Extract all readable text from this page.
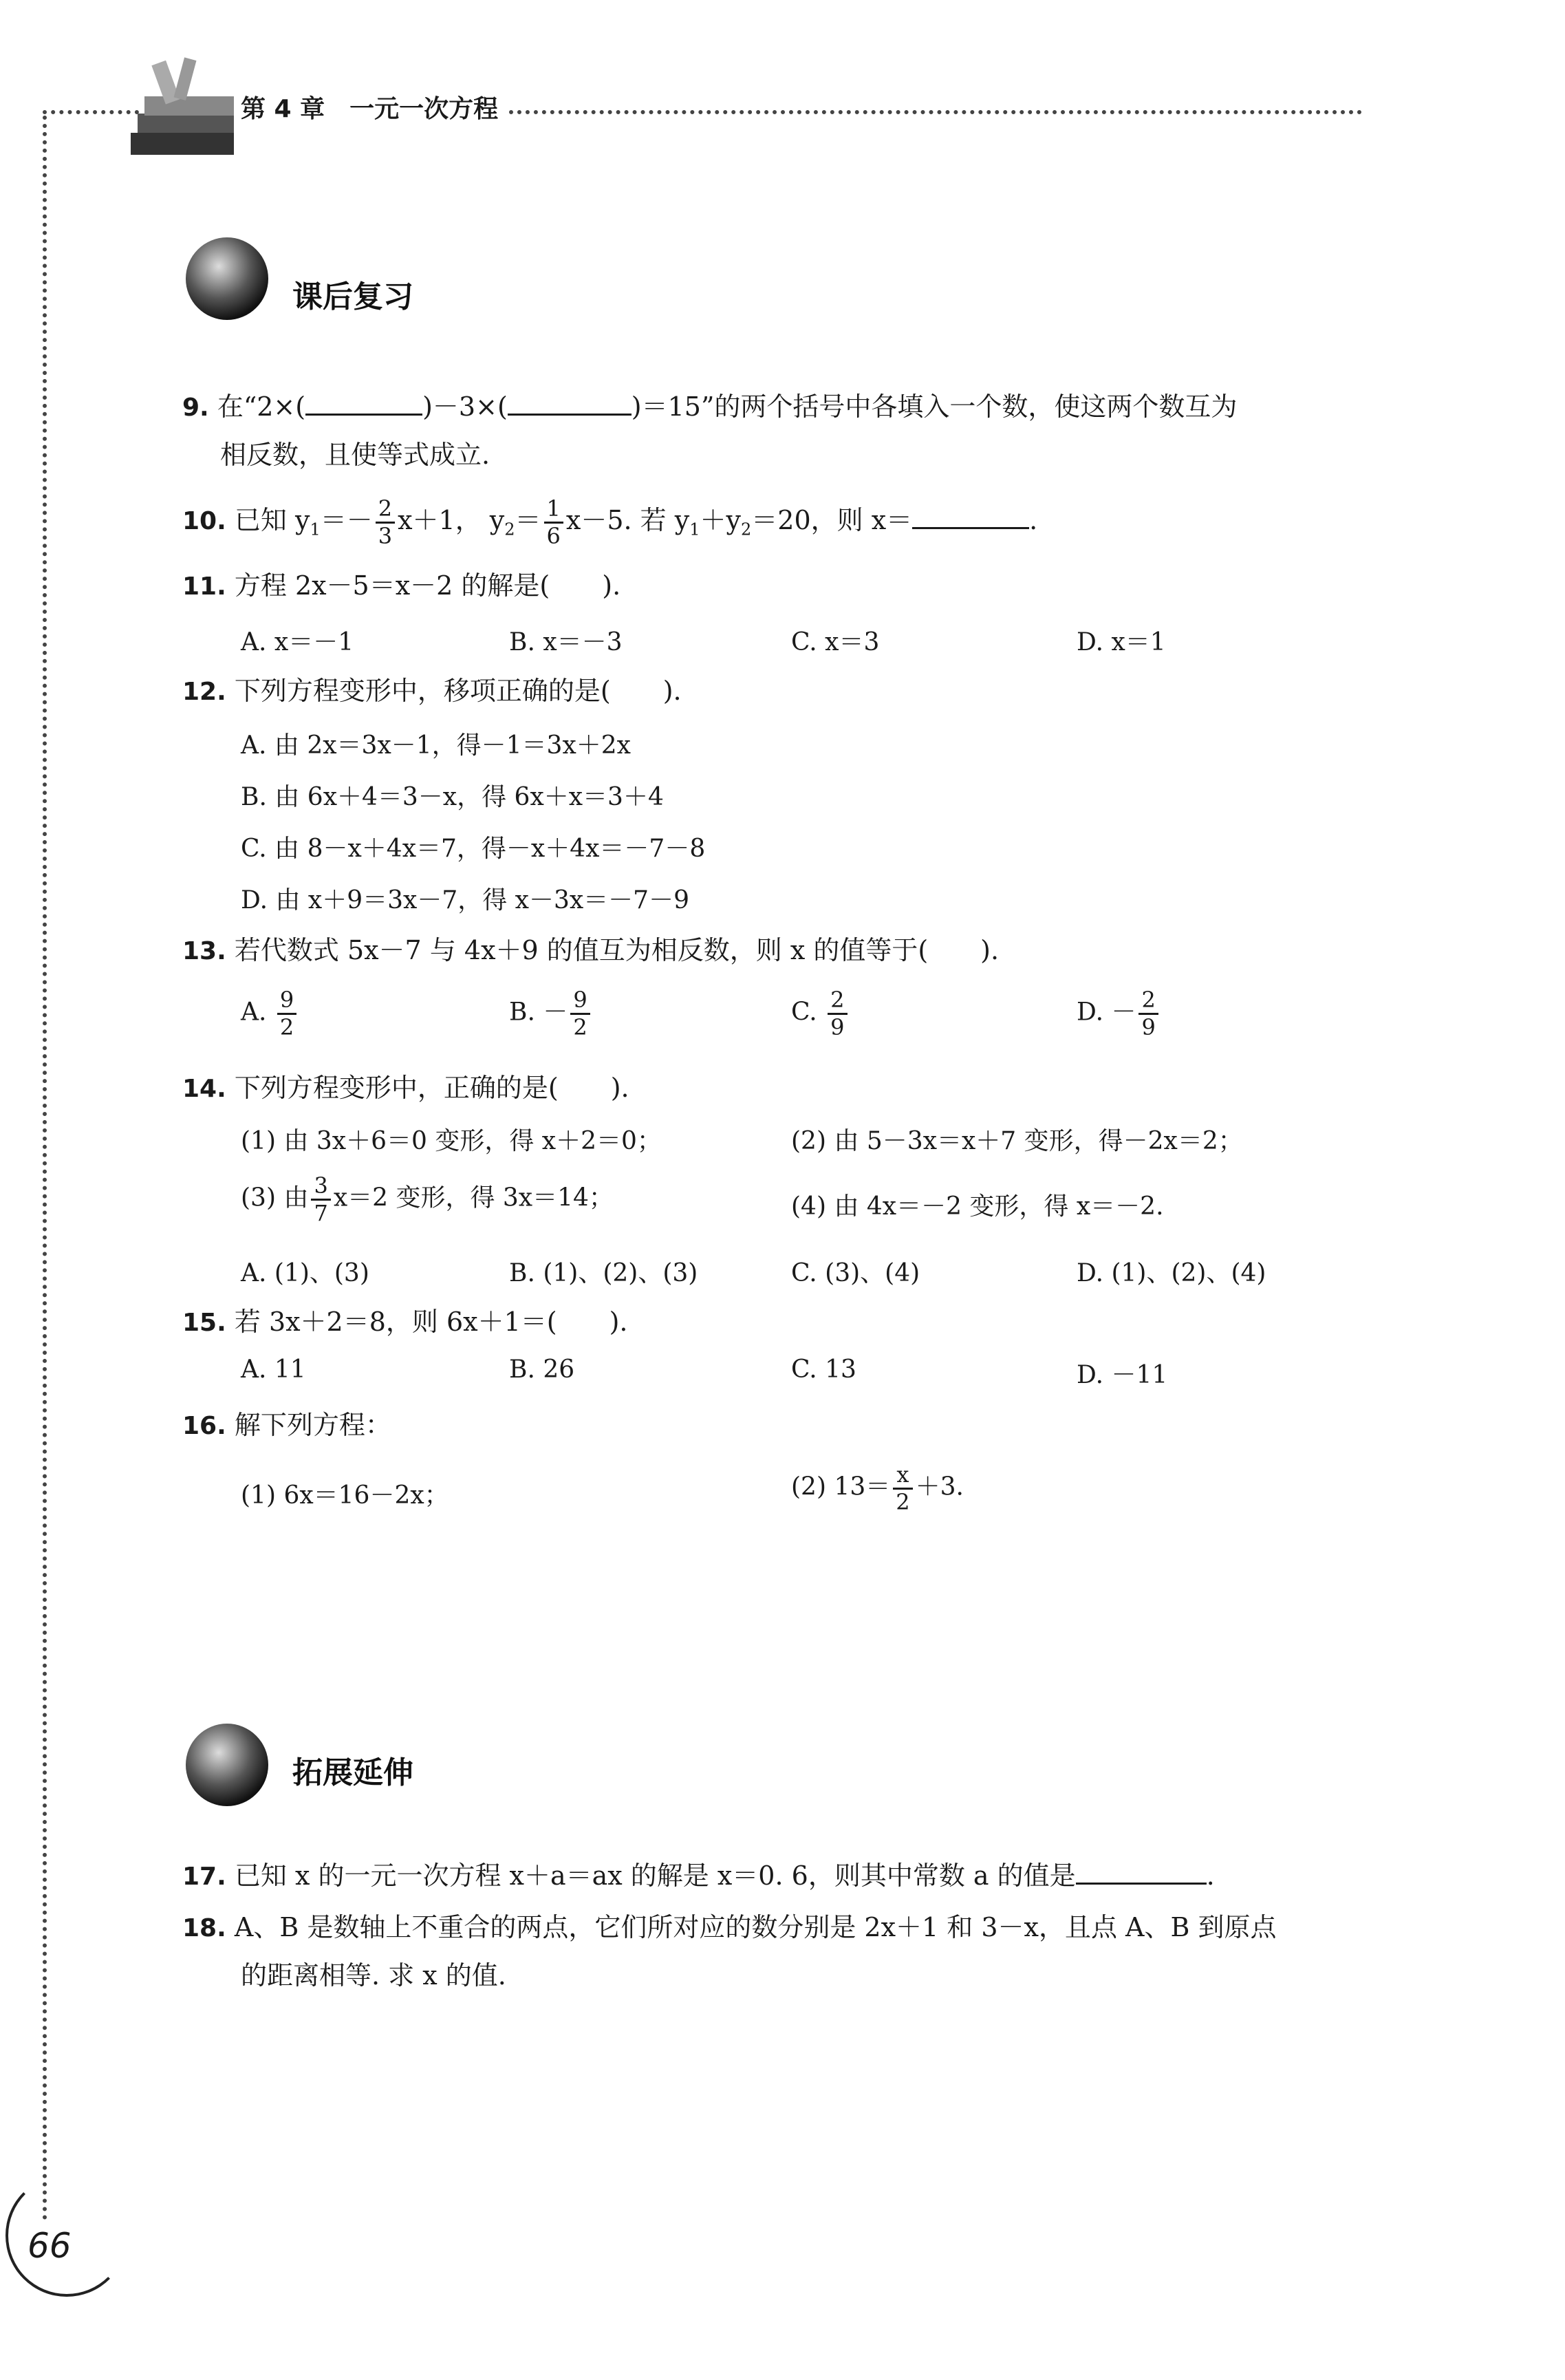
第 4 章　一元一次方程
课后复习
9. 在“2×(	)－3×(	)＝15”的两个括号中各填入一个数，使这两个数互为
相反数，且使等式成立.
10. 已知 $y_1=- \frac{2}{3} x+1$， $y_2= \frac{1}{6} x-5$. 若 $y_1+y_2=20$，则 x＝	.
11. 方程 2x－5＝x－2 的解是(　　).
A. x＝－1	B. x＝－3	C. x＝3	D. x＝1
12. 下列方程变形中，移项正确的是(　　).
A. 由 2x＝3x－1，得－1＝3x＋2x
B. 由 6x＋4＝3－x，得 6x＋x＝3＋4
C. 由 8－x＋4x＝7，得－x＋4x＝－7－8
D. 由 x＋9＝3x－7，得 x－3x＝－7－9
13. 若代数式 5x－7 与 4x＋9 的值互为相反数，则 x 的值等于(　　).
A. $\frac{9}{2}$	B. － $\frac{9}{2}$	C. $\frac{2}{9}$	D. － $\frac{2}{9}$
14. 下列方程变形中，正确的是(　　).
(1) 由 3x＋6＝0 变形，得 x＋2＝0；	(2) 由 5－3x＝x＋7 变形，得－2x＝2；
(3) 由 $\frac{3}{7} x=2$ 变形，得 3x＝14；	(4) 由 4x＝－2 变形，得 x＝－2.
A. (1)、(3)	B. (1)、(2)、(3)	C. (3)、(4)	D. (1)、(2)、(4)
15. 若 3x＋2＝8，则 6x＋1＝(　　).
A. 11	B. 26	C. 13	D. －11
16. 解下列方程：
(1) 6x＝16－2x；	(2) $13= \frac{x}{2} +3$.
拓展延伸
17. 已知 x 的一元一次方程 x＋a＝ax 的解是 x＝0. 6，则其中常数 a 的值是	.
18. A、B 是数轴上不重合的两点，它们所对应的数分别是 2x＋1 和 3－x，且点 A、B 到原点
的距离相等. 求 x 的值.
66
